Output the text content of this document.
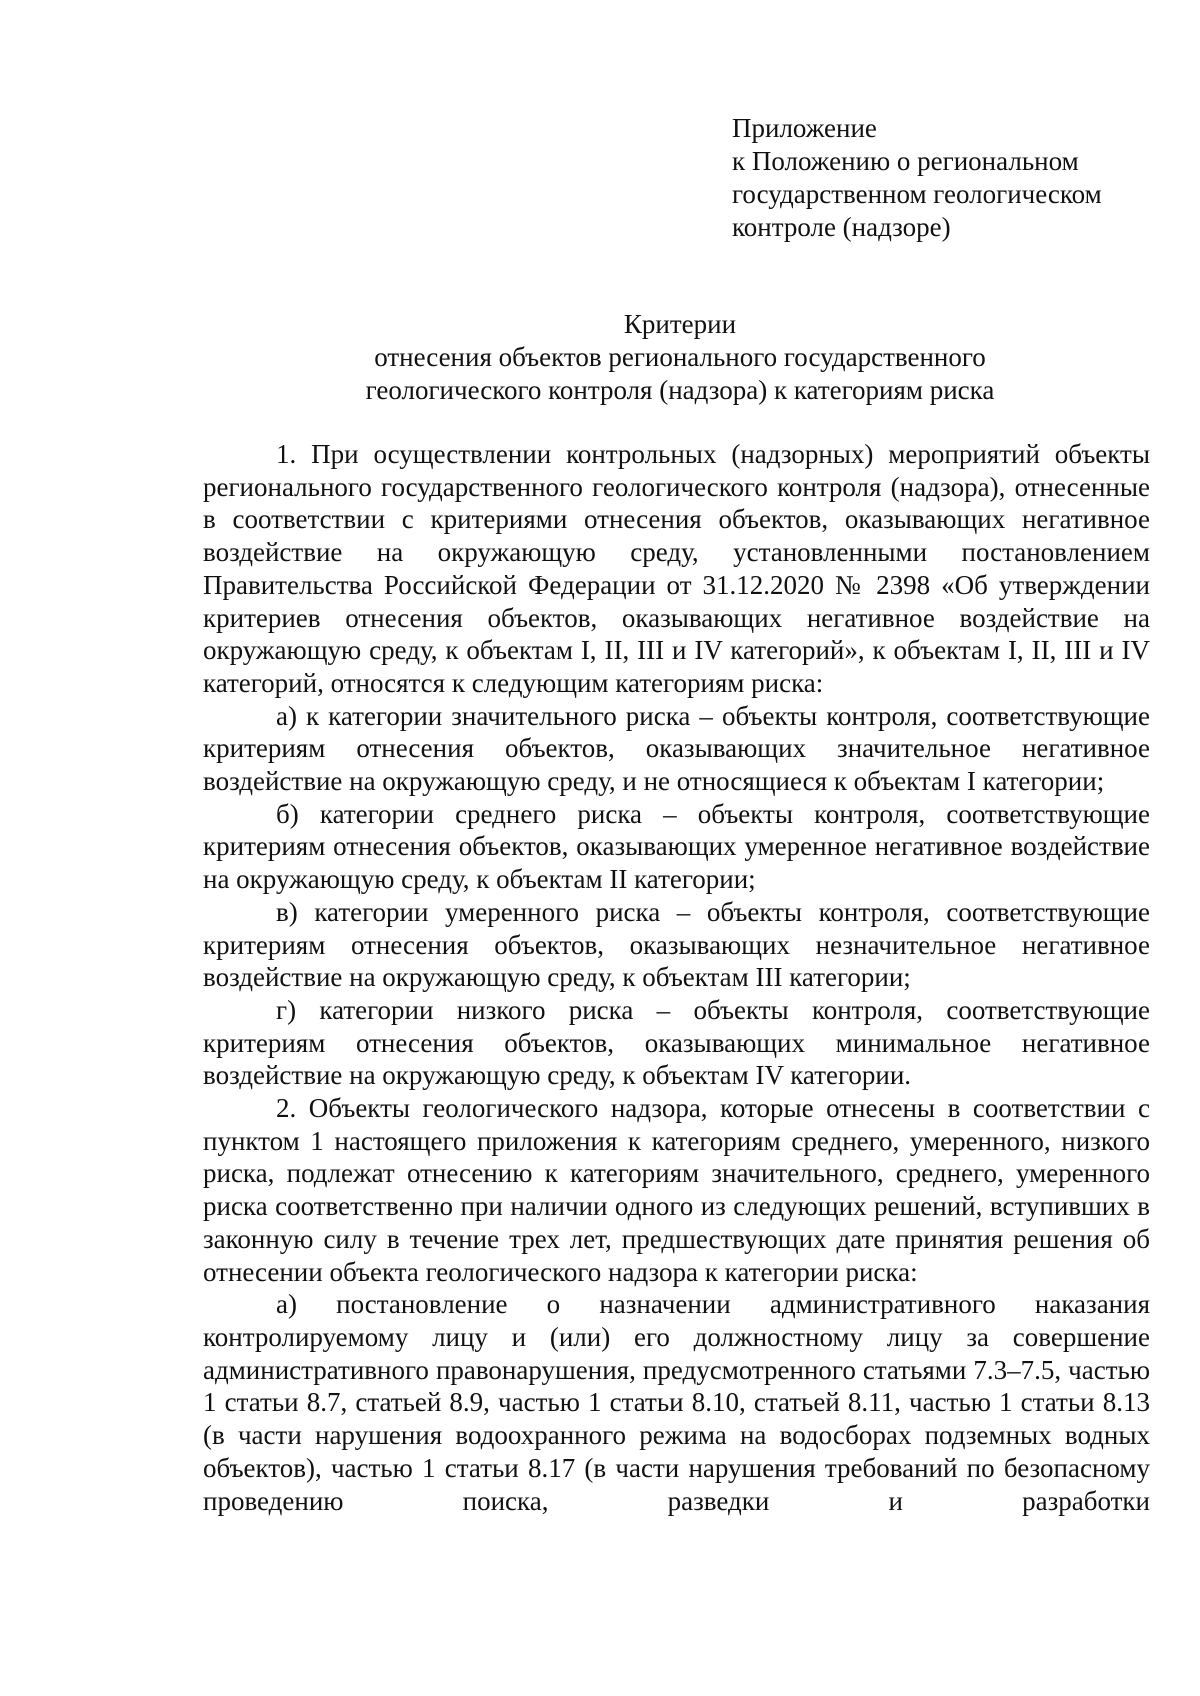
Приложение
к Положению о региональном
государственном геологическом
контроле (надзоре)
Критерии
отнесения объектов регионального государственного
геологического контроля (надзора) к категориям риска

1. При осуществлении контрольных (надзорных) мероприятий объекты регионального государственного геологического контроля (надзора), отнесенные в соответствии с критериями отнесения объектов, оказывающих негативное воздействие на окружающую среду, установленными постановлением Правительства Российской Федерации от 31.12.2020 № 2398 «Об утверждении критериев отнесения объектов, оказывающих негативное воздействие на окружающую среду, к объектам I, II, III и IV категорий», к объектам I, II, III и IV категорий, относятся к следующим категориям риска:

а) к категории значительного риска – объекты контроля, соответствующие критериям отнесения объектов, оказывающих значительное негативное воздействие на окружающую среду, и не относящиеся к объектам I категории;

б) категории среднего риска – объекты контроля, соответствующие критериям отнесения объектов, оказывающих умеренное негативное воздействие на окружающую среду, к объектам II категории;

в) категории умеренного риска – объекты контроля, соответствующие критериям отнесения объектов, оказывающих незначительное негативное воздействие на окружающую среду, к объектам III категории;

г) категории низкого риска – объекты контроля, соответствующие критериям отнесения объектов, оказывающих минимальное негативное воздействие на окружающую среду, к объектам IV категории.

2. Объекты геологического надзора, которые отнесены в соответствии с пунктом 1 настоящего приложения к категориям среднего, умеренного, низкого риска, подлежат отнесению к категориям значительного, среднего, умеренного риска соответственно при наличии одного из следующих решений, вступивших в законную силу в течение трех лет, предшествующих дате принятия решения об отнесении объекта геологического надзора к категории риска:

а) постановление о назначении административного наказания контролируемому лицу и (или) его должностному лицу за совершение административного правонарушения, предусмотренного статьями 7.3–7.5, частью 1 статьи 8.7, статьей 8.9, частью 1 статьи 8.10, статьей 8.11, частью 1 статьи 8.13 (в части нарушения водоохранного режима на водосборах подземных водных объектов), частью 1 статьи 8.17 (в части нарушения требований по безопасному проведению поиска, разведки и разработки
